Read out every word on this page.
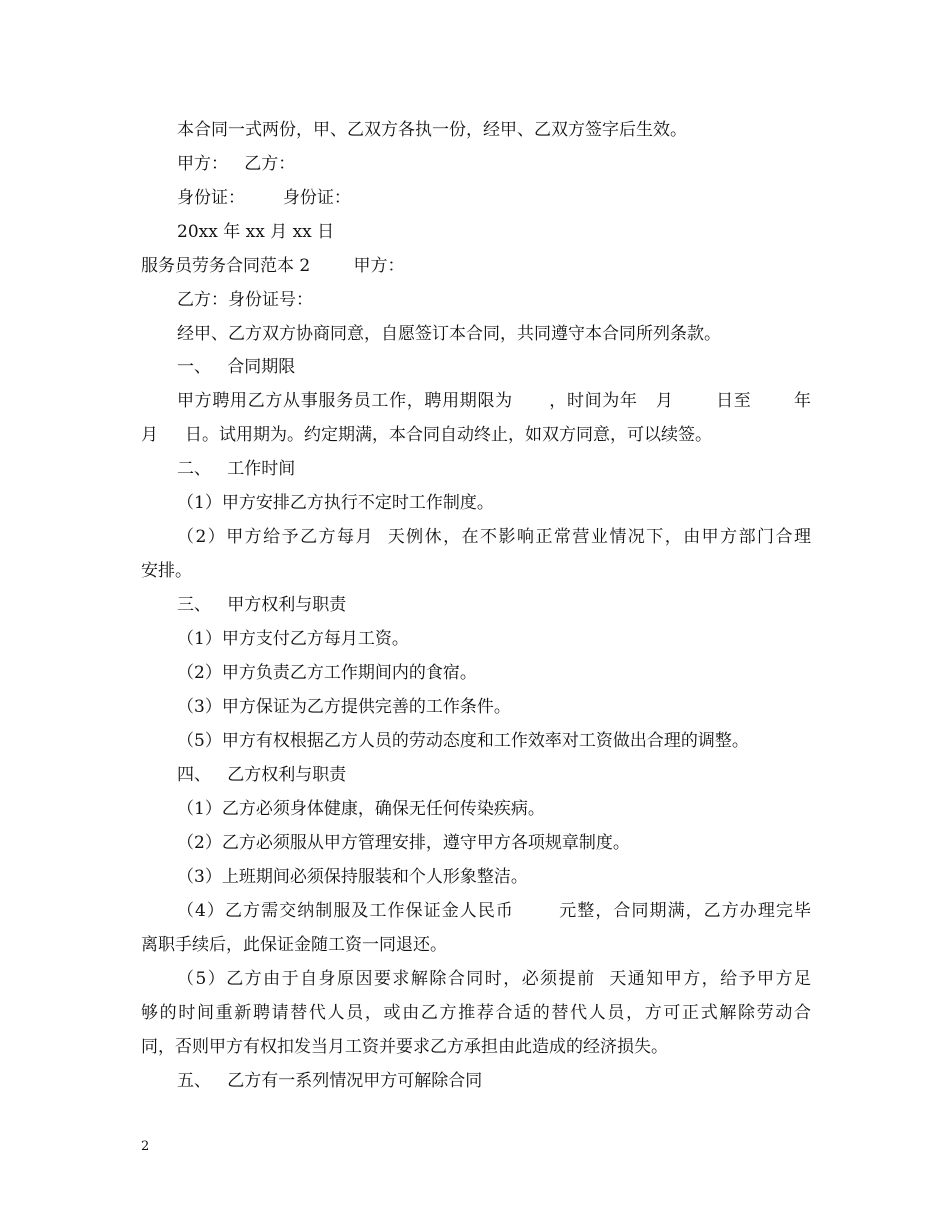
本合同一式两份，甲、乙双方各执一份，经甲、乙双方签字后生效。
甲方：   乙方：
身份证：       身份证：
20xx 年 xx 月 xx 日
服务员劳务合同范本 2        甲方：
乙方：身份证号：
经甲、乙方双方协商同意，自愿签订本合同，共同遵守本合同所列条款。
一、   合同期限
甲方聘用乙方从事服务员工作，聘用期限为      ，时间为年   月       日至       年
月     日。试用期为。约定期满，本合同自动终止，如双方同意，可以续签。
二、   工作时间
（1）甲方安排乙方执行不定时工作制度。
（2）甲方给予乙方每月  天例休，在不影响正常营业情况下，由甲方部门合理
安排。
三、   甲方权利与职责
（1）甲方支付乙方每月工资。
（2）甲方负责乙方工作期间内的食宿。
（3）甲方保证为乙方提供完善的工作条件。
（5）甲方有权根据乙方人员的劳动态度和工作效率对工资做出合理的调整。
四、   乙方权利与职责
（1）乙方必须身体健康，确保无任何传染疾病。
（2）乙方必须服从甲方管理安排，遵守甲方各项规章制度。
（3）上班期间必须保持服装和个人形象整洁。
（4）乙方需交纳制服及工作保证金人民币       元整，合同期满，乙方办理完毕
离职手续后，此保证金随工资一同退还。
（5）乙方由于自身原因要求解除合同时，必须提前  天通知甲方，给予甲方足
够的时间重新聘请替代人员，或由乙方推荐合适的替代人员，方可正式解除劳动合
同，否则甲方有权扣发当月工资并要求乙方承担由此造成的经济损失。
五、   乙方有一系列情况甲方可解除合同
2
